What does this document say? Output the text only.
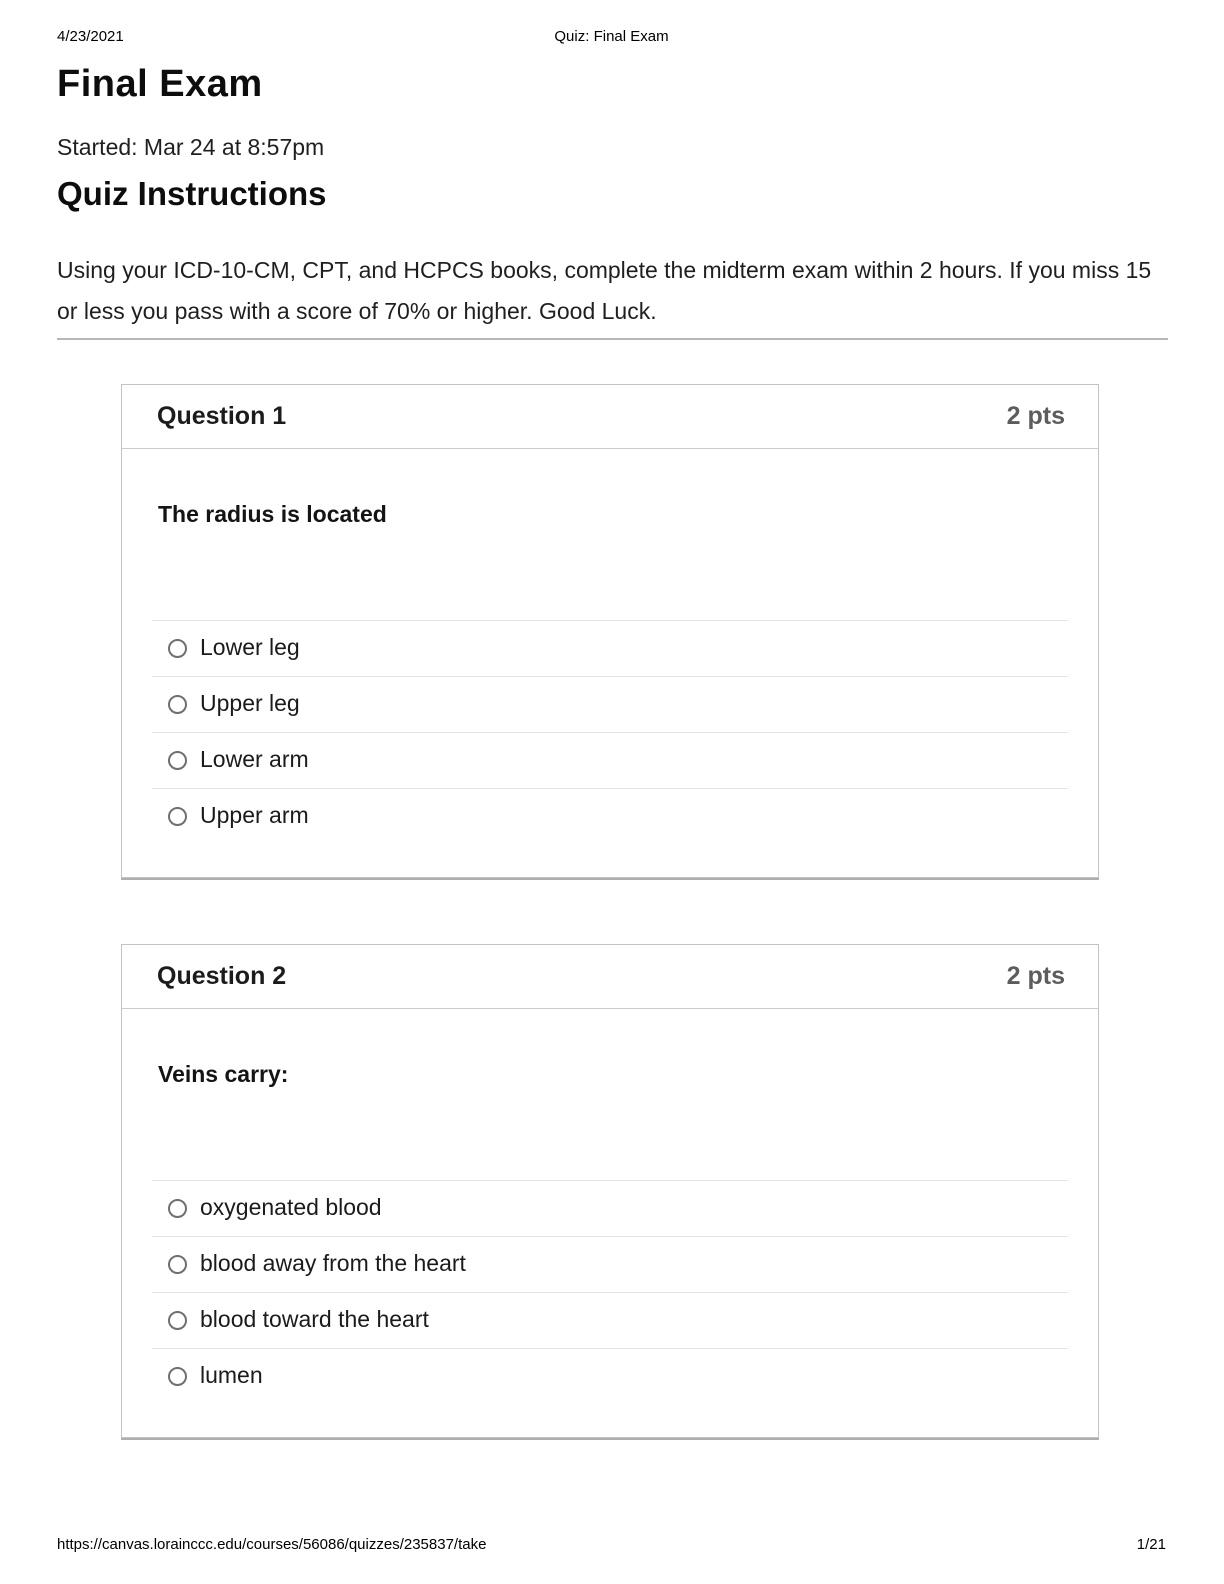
4/23/2021	Quiz: Final Exam
Final Exam
Started: Mar 24 at 8:57pm
Quiz Instructions

Using your ICD-10-CM, CPT, and HCPCS books, complete the midterm exam within 2 hours. If you miss 15 or less you pass with a score of 70% or higher. Good Luck.

Question 1	2 pts
The radius is located
Lower leg
Upper leg
Lower arm
Upper arm
Question 2	2 pts
Veins carry:
oxygenated blood
blood away from the heart
blood toward the heart
lumen
https://canvas.lorainccc.edu/courses/56086/quizzes/235837/take	1/21
